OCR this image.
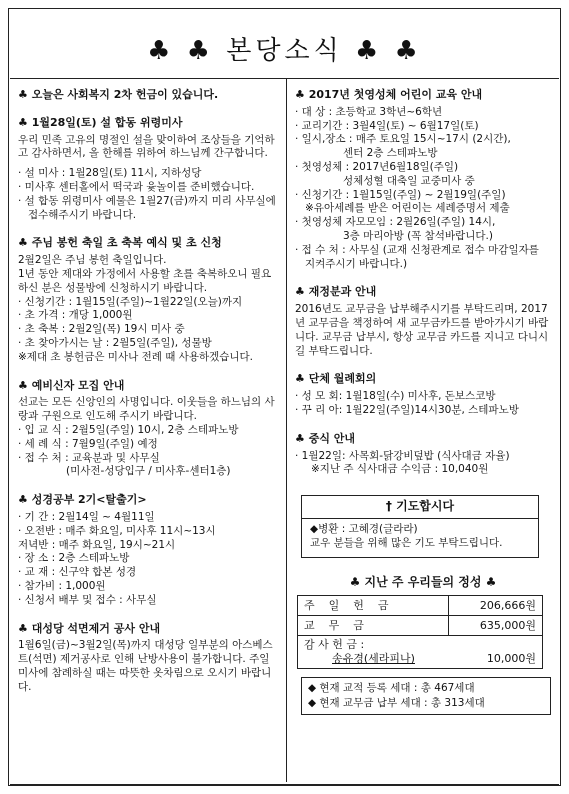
♣ ♣ 본당소식 ♣ ♣
♣ 오늘은 사회복지 2차 헌금이 있습니다.
♣ 1월28일(토) 설 합동 위령미사
우리 민족 고유의 명절인 설을 맞이하여 조상들을 기억하고 감사하면서, 올 한해를 위하여 하느님께 간구합니다.
· 설 미사 : 1월28일(토) 11시, 지하성당
· 미사후 센터홀에서 떡국과 윷놀이를 준비했습니다.
· 설 합동 위령미사 예물은 1월27(금)까지 미리 사무실에 접수해주시기 바랍니다.
♣ 주님 봉헌 축일 초 축복 예식 및 초 신청
2월2일은 주님 봉헌 축일입니다.
1년 동안 제대와 가정에서 사용할 초를 축복하오니 필요하신 분은 성물방에 신청하시기 바랍니다.
· 신청기간 : 1월15일(주일)~1월22일(오늘)까지
· 초 가격 : 개당 1,000원
· 초 축복 : 2월2일(목) 19시 미사 중
· 초 찾아가시는 날 : 2월5일(주일), 성물방
※제대 초 봉헌금은 미사나 전례 때 사용하겠습니다.
♣ 예비신자 모집 안내
선교는 모든 신앙인의 사명입니다. 이웃들을 하느님의 사랑과 구원으로 인도해 주시기 바랍니다.
· 입 교 식 : 2월5일(주일) 10시, 2층 스테파노방
· 세 례 식 : 7월9일(주일) 예정
· 접 수 처 : 교육분과 및 사무실
(미사전-성당입구 / 미사후-센터1층)
♣ 성경공부 2기<탈출기>
· 기 간 : 2월14일 ~ 4월11일
· 오전반 : 매주 화요일, 미사후 11시~13시
저녁반 : 매주 화요일, 19시~21시
· 장 소 : 2층 스테파노방
· 교 재 : 신구약 합본 성경
· 참가비 : 1,000원
· 신청서 배부 및 접수 : 사무실
♣ 대성당 석면제거 공사 안내
1월6일(금)~3월2일(목)까지 대성당 일부분의 아스베스트(석면) 제거공사로 인해 난방사용이 불가합니다. 주일미사에 참례하실 때는 따뜻한 옷차림으로 오시기 바랍니다.
♣ 2017년 첫영성체 어린이 교육 안내
· 대 상 : 초등학교 3학년~6학년
· 교리기간 : 3월4일(토) ~ 6월17일(토)
· 일시,장소 : 매주 토요일 15시~17시 (2시간),
센터 2층 스테파노방
· 첫영성체 : 2017년6월18일(주일)
성체성혈 대축일 교중미사 중
· 신청기간 : 1월15일(주일) ~ 2월19일(주일)
※유아세례를 받은 어린이는 세례증명서 제출
· 첫영성체 자모모임 : 2월26일(주일) 14시,
3층 마리아방 (꼭 참석바랍니다.)
· 접 수 처 : 사무실 (교재 신청관계로 접수 마감일자를 지켜주시기 바랍니다.)
♣ 재정분과 안내
2016년도 교무금을 납부해주시기를 부탁드리며, 2017년 교무금을 책정하여 새 교무금카드를 받아가시기 바랍니다. 교무금 납부시, 항상 교무금 카드를 지니고 다니시길 부탁드립니다.
♣ 단체 월례회의
· 성 모 회: 1월18일(수) 미사후, 돈보스코방
· 꾸 리 아: 1월22일(주일)14시30분, 스테파노방
♣ 중식 안내
· 1월22일: 사목회-닭강비덮밥 (식사대금 자율)
※지난 주 식사대금 수익금 : 10,040원
† 기도합시다
◆병환 : 고혜경(글라라)
교우 분들을 위해 많은 기도 부탁드립니다.
♣ 지난 주 우리들의 정성 ♣
주일헌금	206,666원
교무금	635,000원

감 사 헌 금 :
송유경(세라피나) 10,000원	
◆ 현재 교적 등록 세대 : 총 467세대
◆ 현재 교무금 납부 세대 : 총 313세대
